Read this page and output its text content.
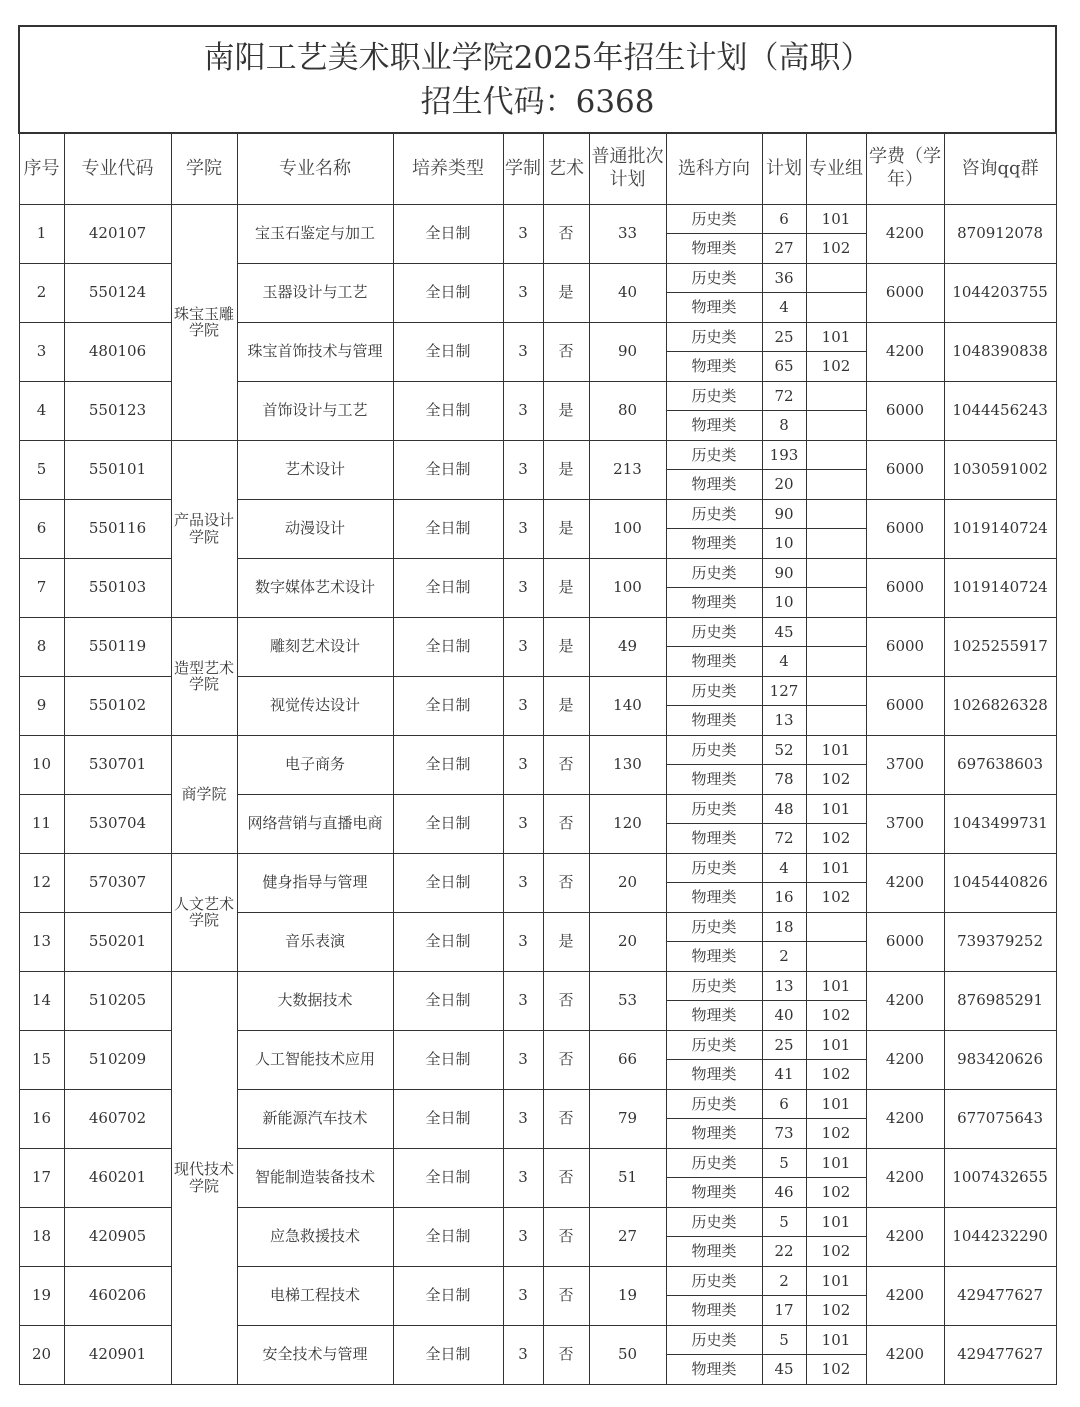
南阳工艺美术职业学院2025年招生计划（高职）
招生代码：6368												

序号	专业代码	学院	专业名称	培养类型	学制	艺术	普通批次计划	选科方向	计划	专业组	学费（学年）	咨询qq群
1	420107	珠宝玉雕学院	宝玉石鉴定与加工	全日制	3	否	33	历史类	6	101	4200	870912078
								物理类	27	102		
2	550124		玉器设计与工艺	全日制	3	是	40	历史类	36		6000	1044203755
								物理类	4			
3	480106		珠宝首饰技术与管理	全日制	3	否	90	历史类	25	101	4200	1048390838
								物理类	65	102		
4	550123		首饰设计与工艺	全日制	3	是	80	历史类	72		6000	1044456243
								物理类	8			
5	550101	产品设计学院	艺术设计	全日制	3	是	213	历史类	193		6000	1030591002
								物理类	20			
6	550116		动漫设计	全日制	3	是	100	历史类	90		6000	1019140724
								物理类	10			
7	550103		数字媒体艺术设计	全日制	3	是	100	历史类	90		6000	1019140724
								物理类	10			
8	550119	造型艺术学院	雕刻艺术设计	全日制	3	是	49	历史类	45		6000	1025255917
								物理类	4			
9	550102		视觉传达设计	全日制	3	是	140	历史类	127		6000	1026826328
								物理类	13			
10	530701	商学院	电子商务	全日制	3	否	130	历史类	52	101	3700	697638603
								物理类	78	102		
11	530704		网络营销与直播电商	全日制	3	否	120	历史类	48	101	3700	1043499731
								物理类	72	102		
12	570307	人文艺术学院	健身指导与管理	全日制	3	否	20	历史类	4	101	4200	1045440826
								物理类	16	102		
13	550201		音乐表演	全日制	3	是	20	历史类	18		6000	739379252
								物理类	2			
14	510205	现代技术学院	大数据技术	全日制	3	否	53	历史类	13	101	4200	876985291
								物理类	40	102		
15	510209		人工智能技术应用	全日制	3	否	66	历史类	25	101	4200	983420626
								物理类	41	102		
16	460702		新能源汽车技术	全日制	3	否	79	历史类	6	101	4200	677075643
								物理类	73	102		
17	460201		智能制造装备技术	全日制	3	否	51	历史类	5	101	4200	1007432655
								物理类	46	102		
18	420905		应急救援技术	全日制	3	否	27	历史类	5	101	4200	1044232290
								物理类	22	102		
19	460206		电梯工程技术	全日制	3	否	19	历史类	2	101	4200	429477627
								物理类	17	102		
20	420901		安全技术与管理	全日制	3	否	50	历史类	5	101	4200	429477627
								物理类	45	102		
